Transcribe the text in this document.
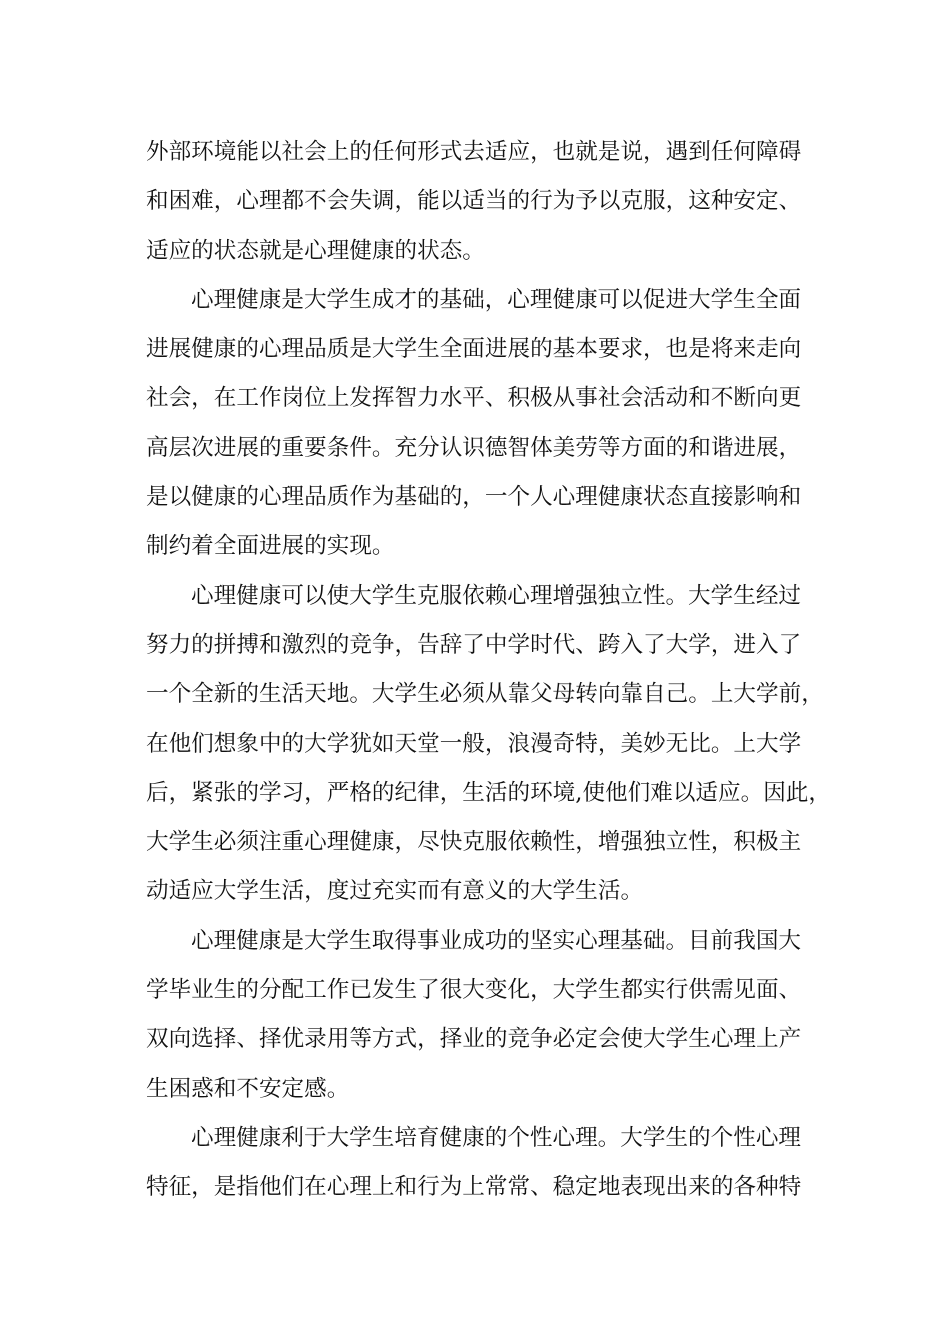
外部环境能以社会上的任何形式去适应，也就是说，遇到任何障碍
和困难，心理都不会失调，能以适当的行为予以克服，这种安定、
适应的状态就是心理健康的状态。

心理健康是大学生成才的基础，心理健康可以促进大学生全面
进展健康的心理品质是大学生全面进展的基本要求，也是将来走向
社会，在工作岗位上发挥智力水平、积极从事社会活动和不断向更
高层次进展的重要条件。充分认识德智体美劳等方面的和谐进展，
是以健康的心理品质作为基础的，一个人心理健康状态直接影响和
制约着全面进展的实现。

心理健康可以使大学生克服依赖心理增强独立性。大学生经过
努力的拼搏和激烈的竞争，告辞了中学时代、跨入了大学，进入了
一个全新的生活天地。大学生必须从靠父母转向靠自己。上大学前，
在他们想象中的大学犹如天堂一般，浪漫奇特，美妙无比。上大学
后，紧张的学习，严格的纪律，生活的环境,使他们难以适应。因此，
大学生必须注重心理健康，尽快克服依赖性，增强独立性，积极主
动适应大学生活，度过充实而有意义的大学生活。

心理健康是大学生取得事业成功的坚实心理基础。目前我国大
学毕业生的分配工作已发生了很大变化，大学生都实行供需见面、
双向选择、择优录用等方式，择业的竞争必定会使大学生心理上产
生困惑和不安定感。

心理健康利于大学生培育健康的个性心理。大学生的个性心理
特征，是指他们在心理上和行为上常常、稳定地表现出来的各种特
